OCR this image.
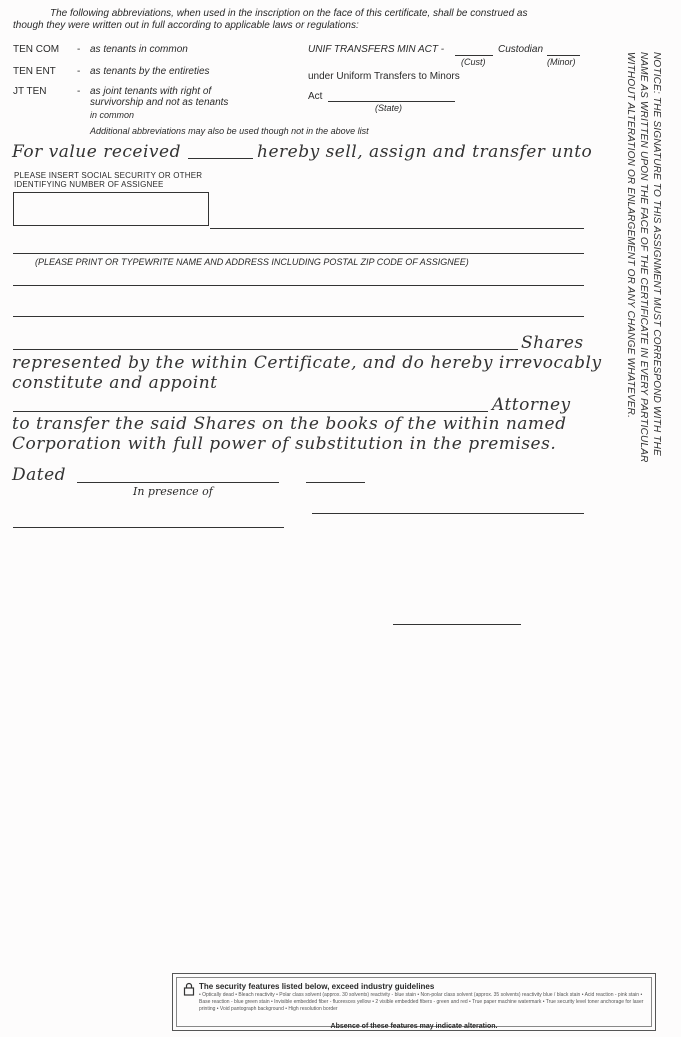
The following abbreviations, when used in the inscription on the face of this certificate, shall be construed as
though they were written out in full according to applicable laws or regulations:
TEN COM - as tenants in common
TEN ENT - as tenants by the entireties
JT TEN	- as joint tenants with right of
survivorship and not as tenants
in common
UNIF TRANSFERS MIN ACT -	Custodian
(Cust)	(Minor)
under Uniform Transfers to Minors
Act
(State)
Additional abbreviations may also be used though not in the above list
For value received	hereby sell, assign and transfer unto
PLEASE INSERT SOCIAL SECURITY OR OTHER
IDENTIFYING NUMBER OF ASSIGNEE
(PLEASE PRINT OR TYPEWRITE NAME AND ADDRESS INCLUDING POSTAL ZIP CODE OF ASSIGNEE)
Shares
represented by the within Certificate, and do hereby irrevocably
constitute and appoint
Attorney
to transfer the said Shares on the books of the within named
Corporation with full power of substitution in the premises.
Dated
In presence of
NOTICE: THE SIGNATURE TO THIS ASSIGNMENT MUST CORRESPOND WITH THE
NAME AS WRITTEN UPON THE FACE OF THE CERTIFICATE IN EVERY PARTICULAR
WITHOUT ALTERATION OR ENLARGEMENT OR ANY CHANGE WHATEVER.
The security features listed below, exceed industry guidelines
• Optically dead • Bleach reactivity • Polar class solvent (approx. 30 solvents) reactivity - blue stain • Non-polar class solvent (approx. 35 solvents) reactivity blue / black stain • Acid reaction - pink stain • Base reaction - blue green stain • Invisible embedded fiber - fluoresces yellow • 2 visible embedded fibers - green and red • True paper machine watermark • True security level toner anchorage for laser printing • Void pantograph background • High resolution border
Absence of these features may indicate alteration.
